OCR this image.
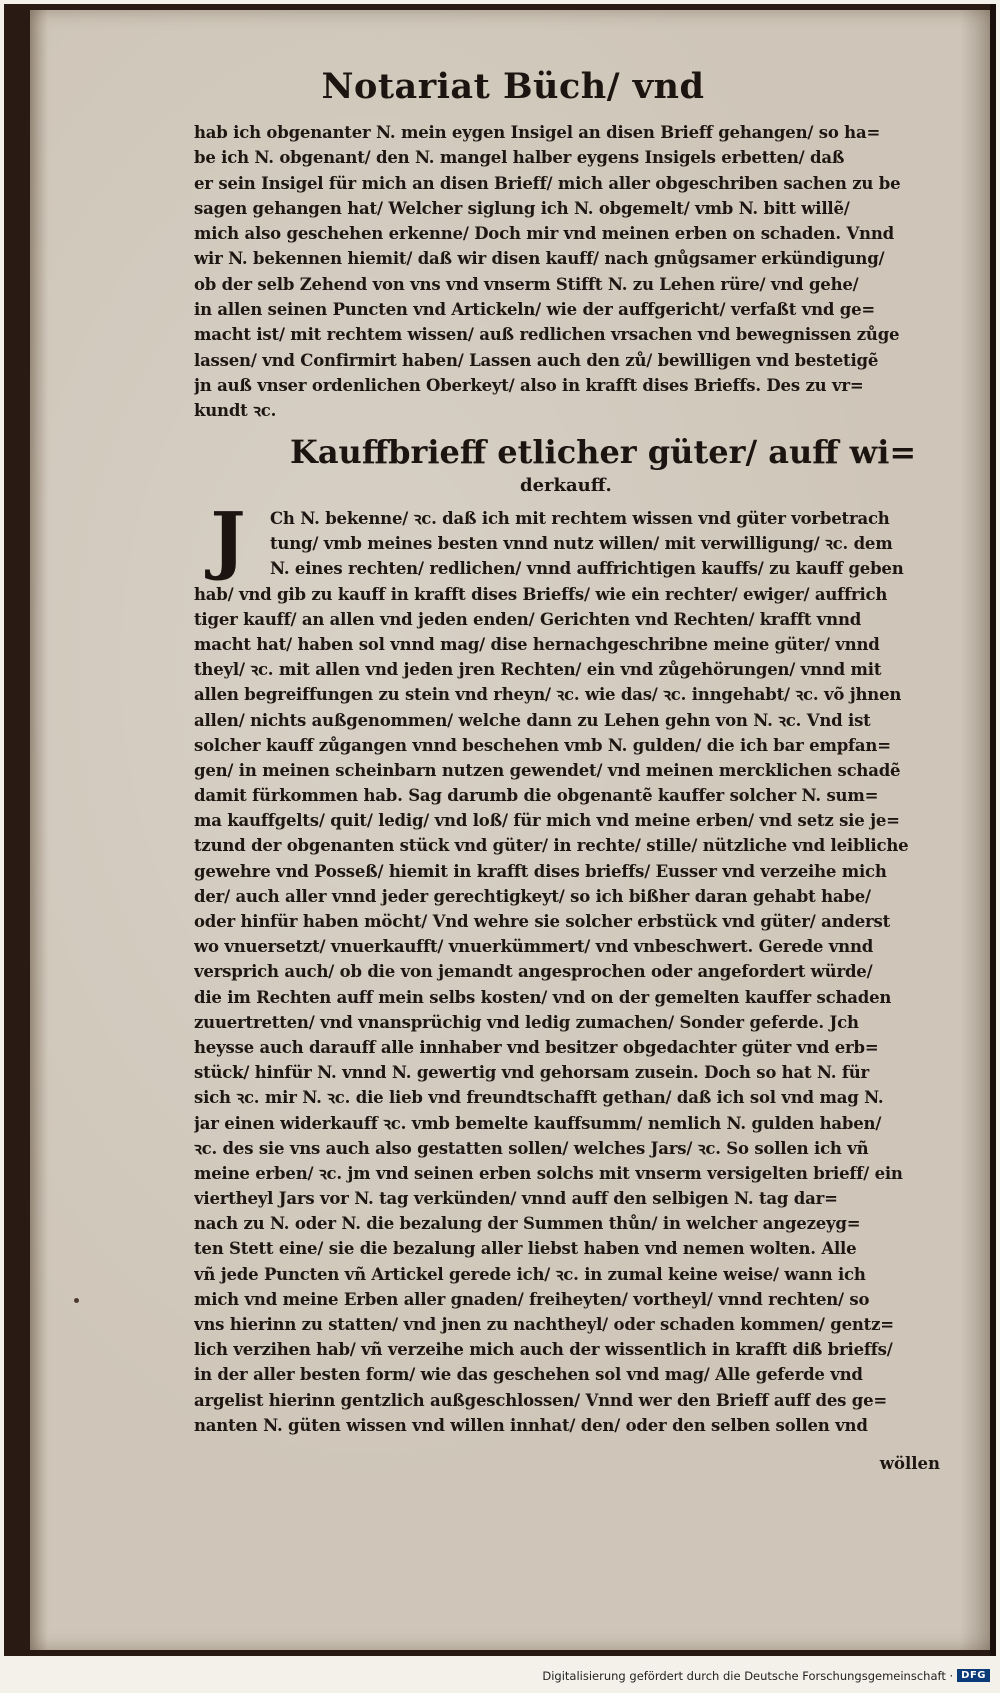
Notariat Büch/ vnd
hab ich obgenanter N. mein eygen Insigel an disen Brieff gehangen/ so ha=
be ich N. obgenant/ den N. mangel halber eygens Insigels erbetten/ daß
er sein Insigel für mich an disen Brieff/ mich aller obgeschriben sachen zu be
sagen gehangen hat/ Welcher siglung ich N. obgemelt/ vmb N. bitt willẽ/
mich also geschehen erkenne/ Doch mir vnd meinen erben on schaden. Vnnd
wir N. bekennen hiemit/ daß wir disen kauff/ nach gnůgsamer erkündigung/
ob der selb Zehend von vns vnd vnserm Stifft N. zu Lehen rüre/ vnd gehe/
in allen seinen Puncten vnd Artickeln/ wie der auffgericht/ verfaßt vnd ge=
macht ist/ mit rechtem wissen/ auß redlichen vrsachen vnd bewegnissen zůge
lassen/ vnd Confirmirt haben/ Lassen auch den zů/ bewilligen vnd bestetigẽ
jn auß vnser ordenlichen Oberkeyt/ also in krafft dises Brieffs. Des zu vr=
kundt ꝛc.
Kauffbrieff etlicher güter/ auff wi=
derkauff.
J	Ch N. bekenne/ ꝛc. daß ich mit rechtem wissen vnd güter vorbetrach
tung/ vmb meines besten vnnd nutz willen/ mit verwilligung/ ꝛc. dem
N. eines rechten/ redlichen/ vnnd auffrichtigen kauffs/ zu kauff geben
hab/ vnd gib zu kauff in krafft dises Brieffs/ wie ein rechter/ ewiger/ auffrich
tiger kauff/ an allen vnd jeden enden/ Gerichten vnd Rechten/ krafft vnnd
macht hat/ haben sol vnnd mag/ dise hernachgeschribne meine güter/ vnnd
theyl/ ꝛc. mit allen vnd jeden jren Rechten/ ein vnd zůgehörungen/ vnnd mit
allen begreiffungen zu stein vnd rheyn/ ꝛc. wie das/ ꝛc. inngehabt/ ꝛc. võ jhnen
allen/ nichts außgenommen/ welche dann zu Lehen gehn von N. ꝛc. Vnd ist
solcher kauff zůgangen vnnd beschehen vmb N. gulden/ die ich bar empfan=
gen/ in meinen scheinbarn nutzen gewendet/ vnd meinen mercklichen schadẽ
damit fürkommen hab. Sag darumb die obgenantẽ kauffer solcher N. sum=
ma kauffgelts/ quit/ ledig/ vnd loß/ für mich vnd meine erben/ vnd setz sie je=
tzund der obgenanten stück vnd güter/ in rechte/ stille/ nützliche vnd leibliche
gewehre vnd Posseß/ hiemit in krafft dises brieffs/ Eusser vnd verzeihe mich
der/ auch aller vnnd jeder gerechtigkeyt/ so ich bißher daran gehabt habe/
oder hinfür haben möcht/ Vnd wehre sie solcher erbstück vnd güter/ anderst
wo vnuersetzt/ vnuerkaufft/ vnuerkümmert/ vnd vnbeschwert. Gerede vnnd
versprich auch/ ob die von jemandt angesprochen oder angefordert würde/
die im Rechten auff mein selbs kosten/ vnd on der gemelten kauffer schaden
zuuertretten/ vnd vnansprüchig vnd ledig zumachen/ Sonder geferde. Jch
heysse auch darauff alle innhaber vnd besitzer obgedachter güter vnd erb=
stück/ hinfür N. vnnd N. gewertig vnd gehorsam zusein. Doch so hat N. für
sich ꝛc. mir N. ꝛc. die lieb vnd freundtschafft gethan/ daß ich sol vnd mag N.
jar einen widerkauff ꝛc. vmb bemelte kauffsumm/ nemlich N. gulden haben/
ꝛc. des sie vns auch also gestatten sollen/ welches Jars/ ꝛc. So sollen ich vñ
meine erben/ ꝛc. jm vnd seinen erben solchs mit vnserm versigelten brieff/ ein
viertheyl Jars vor N. tag verkünden/ vnnd auff den selbigen N. tag dar=
nach zu N. oder N. die bezalung der Summen thůn/ in welcher angezeyg=
ten Stett eine/ sie die bezalung aller liebst haben vnd nemen wolten. Alle
vñ jede Puncten vñ Artickel gerede ich/ ꝛc. in zumal keine weise/ wann ich
mich vnd meine Erben aller gnaden/ freiheyten/ vortheyl/ vnnd rechten/ so
vns hierinn zu statten/ vnd jnen zu nachtheyl/ oder schaden kommen/ gentz=
lich verzihen hab/ vñ verzeihe mich auch der wissentlich in krafft diß brieffs/
in der aller besten form/ wie das geschehen sol vnd mag/ Alle geferde vnd
argelist hierinn gentzlich außgeschlossen/ Vnnd wer den Brieff auff des ge=
nanten N. güten wissen vnd willen innhat/ den/ oder den selben sollen vnd
wöllen
Digitalisierung gefördert durch die Deutsche Forschungsgemeinschaft · DFG
